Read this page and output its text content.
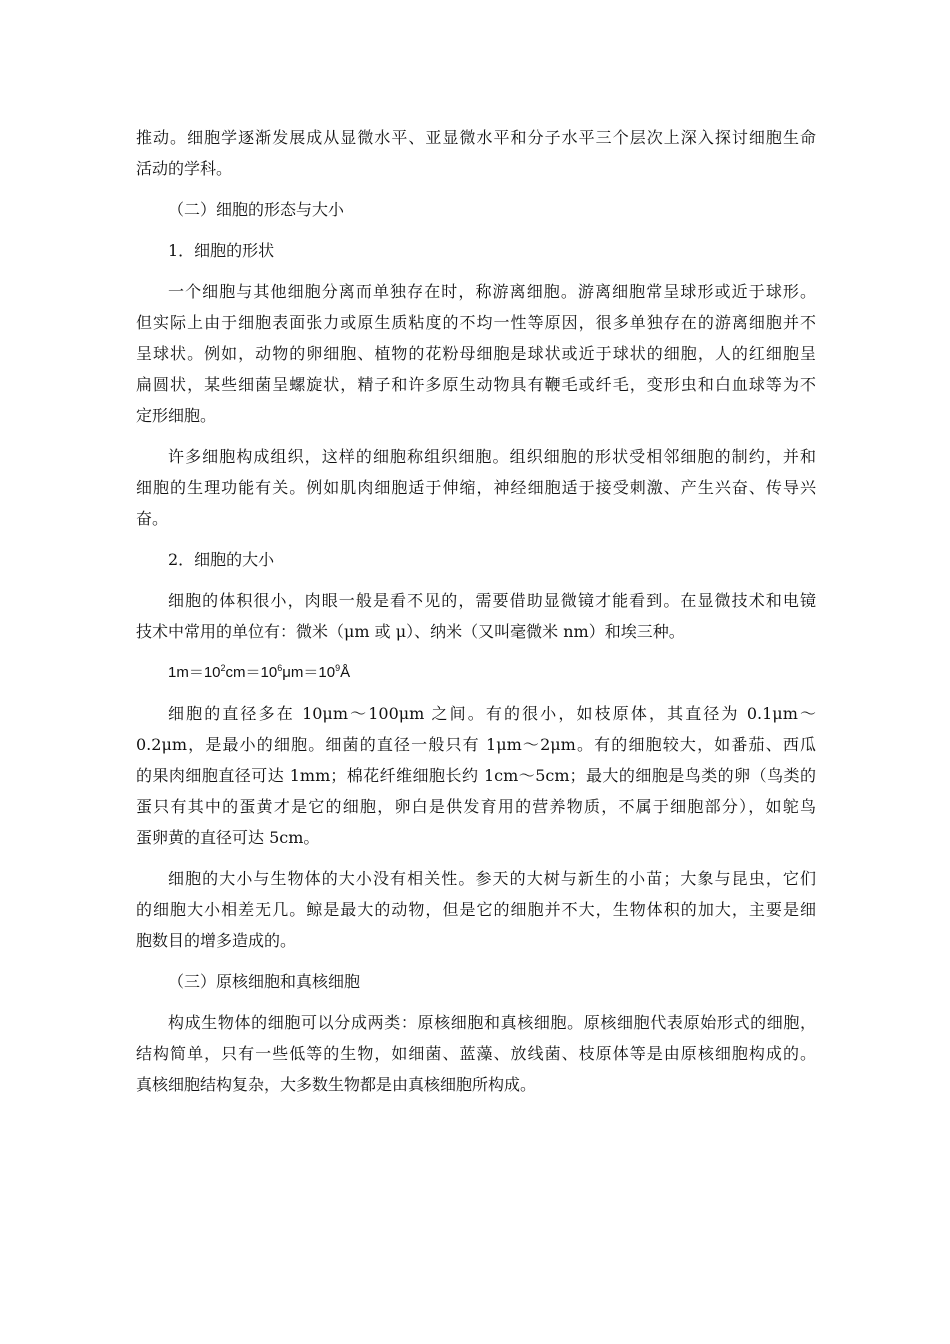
推动。细胞学逐渐发展成从显微水平、亚显微水平和分子水平三个层次上深入探讨细胞生命
活动的学科。
（二）细胞的形态与大小
1．细胞的形状
一个细胞与其他细胞分离而单独存在时，称游离细胞。游离细胞常呈球形或近于球形。
但实际上由于细胞表面张力或原生质粘度的不均一性等原因，很多单独存在的游离细胞并不
呈球状。例如，动物的卵细胞、植物的花粉母细胞是球状或近于球状的细胞，人的红细胞呈
扁圆状，某些细菌呈螺旋状，精子和许多原生动物具有鞭毛或纤毛，变形虫和白血球等为不
定形细胞。
许多细胞构成组织，这样的细胞称组织细胞。组织细胞的形状受相邻细胞的制约，并和
细胞的生理功能有关。例如肌肉细胞适于伸缩，神经细胞适于接受刺激、产生兴奋、传导兴
奋。
2．细胞的大小
细胞的体积很小，肉眼一般是看不见的，需要借助显微镜才能看到。在显微技术和电镜
技术中常用的单位有：微米（μm 或 μ）、纳米（又叫毫微米 nm）和埃三种。
$1m=10^2cm=10^6\mu m=10^9Å$
细胞的直径多在 10μm～100μm 之间。有的很小，如枝原体，其直径为 0.1μm～
0.2μm，是最小的细胞。细菌的直径一般只有 1μm～2μm。有的细胞较大，如番茄、西瓜
的果肉细胞直径可达 1mm；棉花纤维细胞长约 1cm～5cm；最大的细胞是鸟类的卵（鸟类的
蛋只有其中的蛋黄才是它的细胞，卵白是供发育用的营养物质，不属于细胞部分），如鸵鸟
蛋卵黄的直径可达 5cm。
细胞的大小与生物体的大小没有相关性。参天的大树与新生的小苗；大象与昆虫，它们
的细胞大小相差无几。鲸是最大的动物，但是它的细胞并不大，生物体积的加大，主要是细
胞数目的增多造成的。
（三）原核细胞和真核细胞
构成生物体的细胞可以分成两类：原核细胞和真核细胞。原核细胞代表原始形式的细胞，
结构简单，只有一些低等的生物，如细菌、蓝藻、放线菌、枝原体等是由原核细胞构成的。
真核细胞结构复杂，大多数生物都是由真核细胞所构成。
